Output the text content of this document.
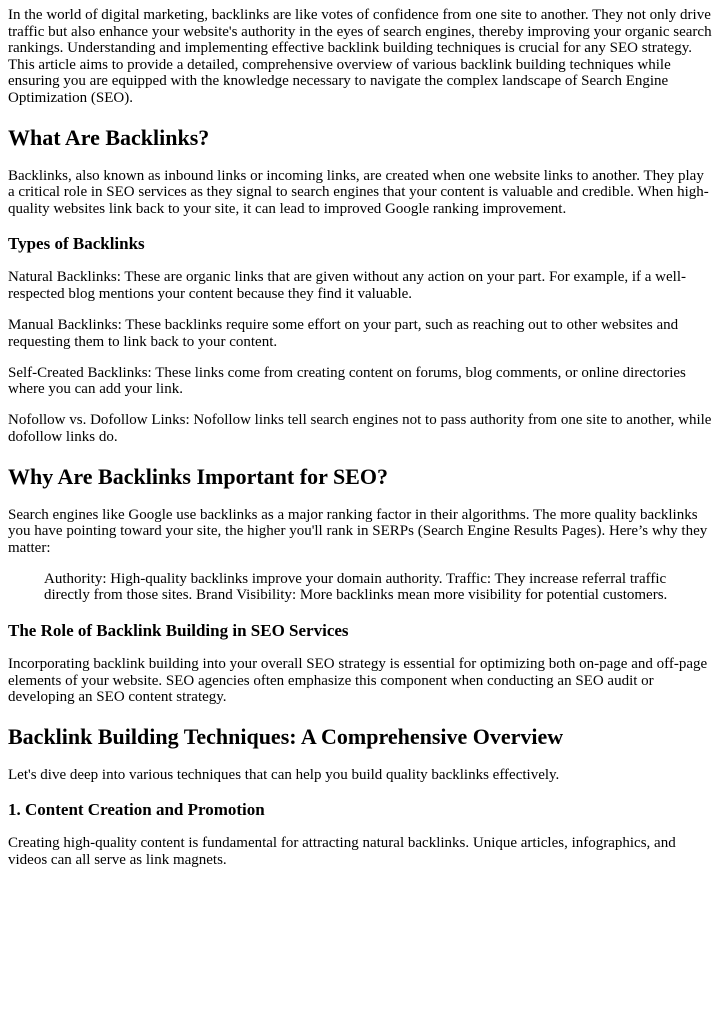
In the world of digital marketing, backlinks are like votes of confidence from one site to another. They not only drive traffic but also enhance your website's authority in the eyes of search engines, thereby improving your organic search rankings. Understanding and implementing effective backlink building techniques is crucial for any SEO strategy. This article aims to provide a detailed, comprehensive overview of various backlink building techniques while ensuring you are equipped with the knowledge necessary to navigate the complex landscape of Search Engine Optimization (SEO).

What Are Backlinks?

Backlinks, also known as inbound links or incoming links, are created when one website links to another. They play a critical role in SEO services as they signal to search engines that your content is valuable and credible. When high-quality websites link back to your site, it can lead to improved Google ranking improvement.

Types of Backlinks

Natural Backlinks: These are organic links that are given without any action on your part. For example, if a well-respected blog mentions your content because they find it valuable.

Manual Backlinks: These backlinks require some effort on your part, such as reaching out to other websites and requesting them to link back to your content.

Self-Created Backlinks: These links come from creating content on forums, blog comments, or online directories where you can add your link.

Nofollow vs. Dofollow Links: Nofollow links tell search engines not to pass authority from one site to another, while dofollow links do.

Why Are Backlinks Important for SEO?

Search engines like Google use backlinks as a major ranking factor in their algorithms. The more quality backlinks you have pointing toward your site, the higher you'll rank in SERPs (Search Engine Results Pages). Here’s why they matter:

Authority: High-quality backlinks improve your domain authority. Traffic: They increase referral traffic directly from those sites. Brand Visibility: More backlinks mean more visibility for potential customers.
The Role of Backlink Building in SEO Services

Incorporating backlink building into your overall SEO strategy is essential for optimizing both on-page and off-page elements of your website. SEO agencies often emphasize this component when conducting an SEO audit or developing an SEO content strategy.

Backlink Building Techniques: A Comprehensive Overview

Let's dive deep into various techniques that can help you build quality backlinks effectively.

1. Content Creation and Promotion

Creating high-quality content is fundamental for attracting natural backlinks. Unique articles, infographics, and videos can all serve as link magnets.
